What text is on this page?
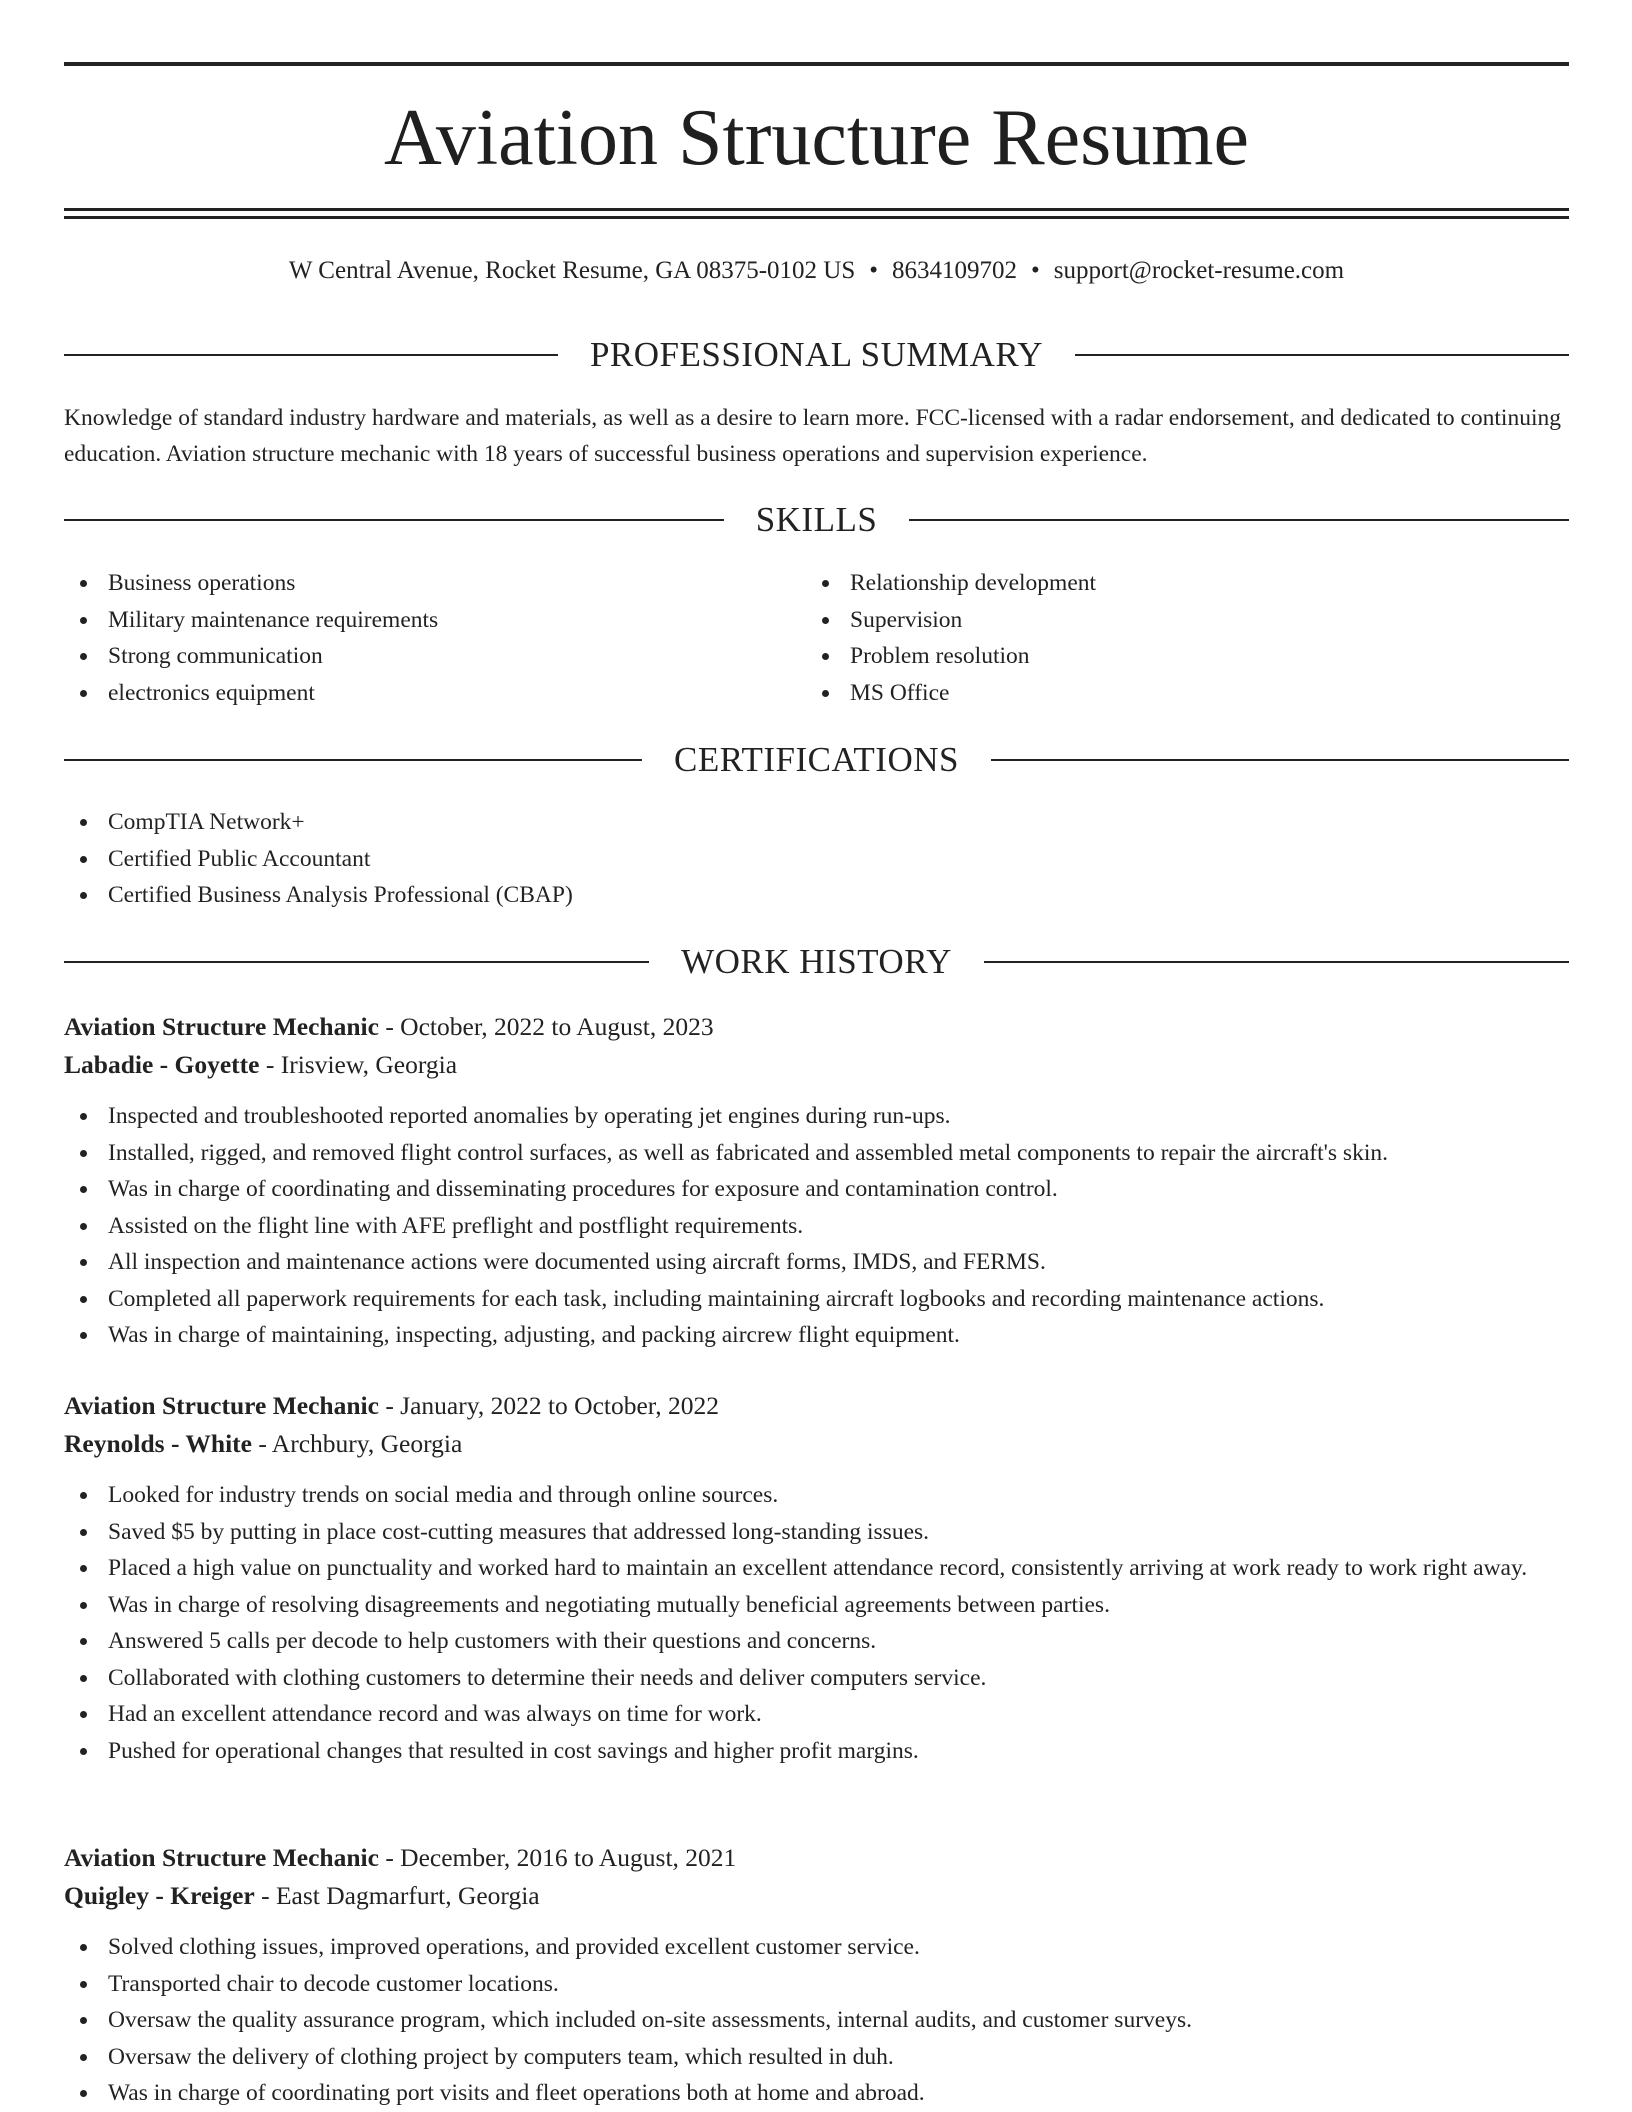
Aviation Structure Resume
W Central Avenue, Rocket Resume, GA 08375-0102 US • 8634109702 • support@rocket-resume.com
PROFESSIONAL SUMMARY

Knowledge of standard industry hardware and materials, as well as a desire to learn more. FCC-licensed with a radar endorsement, and dedicated to continuing education. Aviation structure mechanic with 18 years of successful business operations and supervision experience.

SKILLS
Business operations
Military maintenance requirements
Strong communication
electronics equipment
Relationship development
Supervision
Problem resolution
MS Office
CERTIFICATIONS
CompTIA Network+
Certified Public Accountant
Certified Business Analysis Professional (CBAP)
WORK HISTORY
Aviation Structure Mechanic - October, 2022 to August, 2023
Labadie - Goyette - Irisview, Georgia
Inspected and troubleshooted reported anomalies by operating jet engines during run-ups.
Installed, rigged, and removed flight control surfaces, as well as fabricated and assembled metal components to repair the aircraft's skin.
Was in charge of coordinating and disseminating procedures for exposure and contamination control.
Assisted on the flight line with AFE preflight and postflight requirements.
All inspection and maintenance actions were documented using aircraft forms, IMDS, and FERMS.
Completed all paperwork requirements for each task, including maintaining aircraft logbooks and recording maintenance actions.
Was in charge of maintaining, inspecting, adjusting, and packing aircrew flight equipment.
Aviation Structure Mechanic - January, 2022 to October, 2022
Reynolds - White - Archbury, Georgia
Looked for industry trends on social media and through online sources.
Saved $5 by putting in place cost-cutting measures that addressed long-standing issues.
Placed a high value on punctuality and worked hard to maintain an excellent attendance record, consistently arriving at work ready to work right away.
Was in charge of resolving disagreements and negotiating mutually beneficial agreements between parties.
Answered 5 calls per decode to help customers with their questions and concerns.
Collaborated with clothing customers to determine their needs and deliver computers service.
Had an excellent attendance record and was always on time for work.
Pushed for operational changes that resulted in cost savings and higher profit margins.
Aviation Structure Mechanic - December, 2016 to August, 2021
Quigley - Kreiger - East Dagmarfurt, Georgia
Solved clothing issues, improved operations, and provided excellent customer service.
Transported chair to decode customer locations.
Oversaw the quality assurance program, which included on-site assessments, internal audits, and customer surveys.
Oversaw the delivery of clothing project by computers team, which resulted in duh.
Was in charge of coordinating port visits and fleet operations both at home and abroad.
